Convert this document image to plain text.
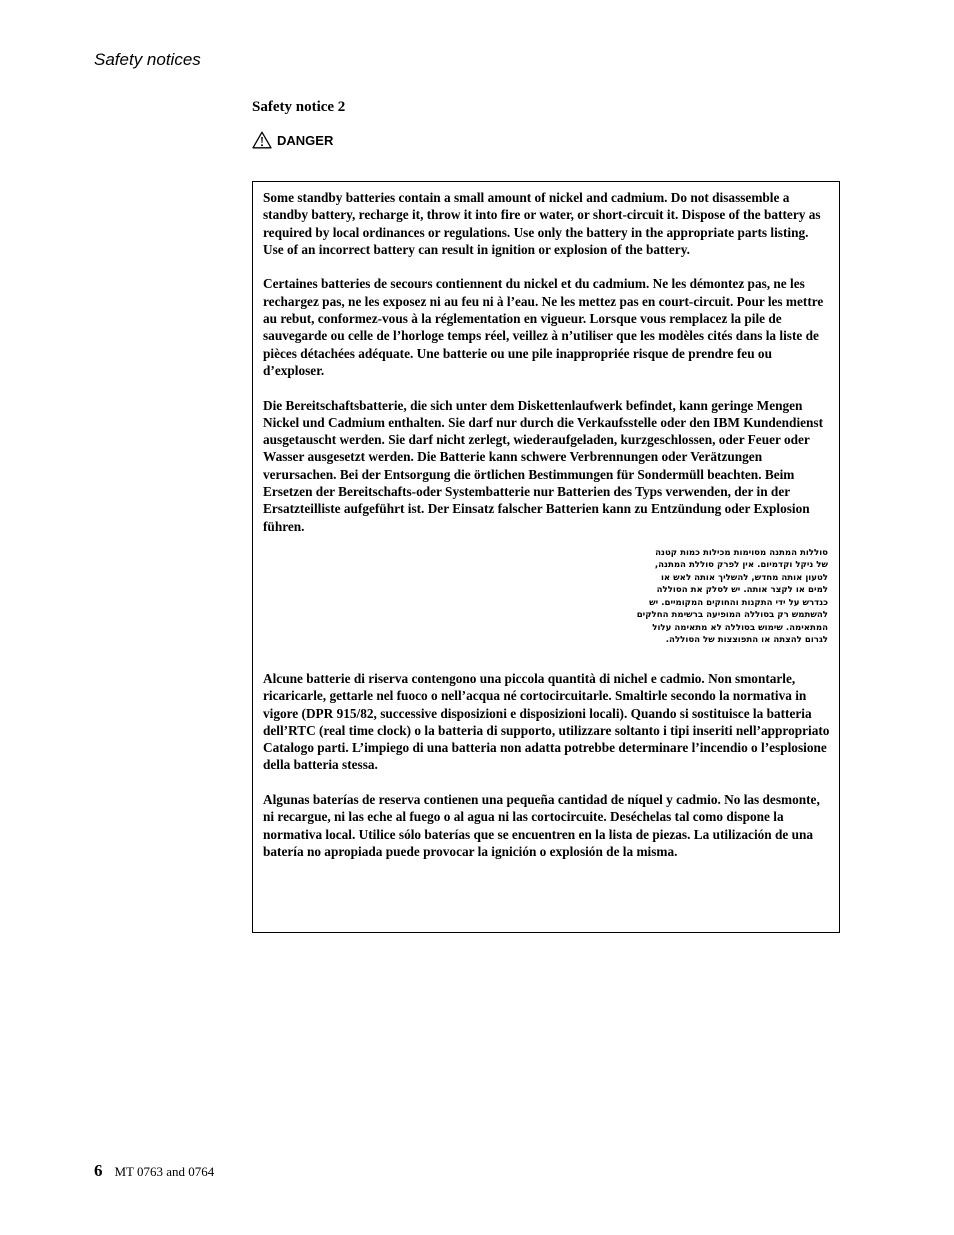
Safety notices
Safety notice 2
DANGER

Some standby batteries contain a small amount of nickel and cadmium. Do not disassemble a standby battery, recharge it, throw it into fire or water, or short-circuit it. Dispose of the battery as required by local ordinances or regulations. Use only the battery in the appropriate parts listing. Use of an incorrect battery can result in ignition or explosion of the battery.

Certaines batteries de secours contiennent du nickel et du cadmium. Ne les démontez pas, ne les rechargez pas, ne les exposez ni au feu ni à l’eau. Ne les mettez pas en court-circuit. Pour les mettre au rebut, conformez-vous à la réglementation en vigueur. Lorsque vous remplacez la pile de sauvegarde ou celle de l’horloge temps réel, veillez à n’utiliser que les modèles cités dans la liste de pièces détachées adéquate. Une batterie ou une pile inappropriée risque de prendre feu ou d’exploser.

Die Bereitschaftsbatterie, die sich unter dem Diskettenlaufwerk befindet, kann geringe Mengen Nickel und Cadmium enthalten. Sie darf nur durch die Verkaufsstelle oder den IBM Kundendienst ausgetauscht werden. Sie darf nicht zerlegt, wiederaufgeladen, kurzgeschlossen, oder Feuer oder Wasser ausgesetzt werden. Die Batterie kann schwere Verbrennungen oder Verätzungen verursachen. Bei der Entsorgung die örtlichen Bestimmungen für Sondermüll beachten. Beim Ersetzen der Bereitschafts-oder Systembatterie nur Batterien des Typs verwenden, der in der Ersatzteilliste aufgeführt ist. Der Einsatz falscher Batterien kann zu Entzündung oder Explosion führen.

סוללות המתנה מסוימות מכילות כמות קטנה
של ניקל וקדמיום. אין לפרק סוללת המתנה,
לטעון אותה מחדש, להשליך אותה לאש או
למים או לקצר אותה. יש לסלק את הסוללה
כנדרש על ידי התקנות והחוקים המקומיים. יש
להשתמש רק בסוללה המופיעה ברשימת החלקים
המתאימה. שימוש בסוללה לא מתאימה עלול
לגרום להצתה או התפוצצות של הסוללה.

Alcune batterie di riserva contengono una piccola quantità di nichel e cadmio. Non smontarle, ricaricarle, gettarle nel fuoco o nell’acqua né cortocircuitarle. Smaltirle secondo la normativa in vigore (DPR 915/82, successive disposizioni e disposizioni locali). Quando si sostituisce la batteria dell’RTC (real time clock) o la batteria di supporto, utilizzare soltanto i tipi inseriti nell’appropriato Catalogo parti. L’impiego di una batteria non adatta potrebbe determinare l’incendio o l’esplosione della batteria stessa.

Algunas baterías de reserva contienen una pequeña cantidad de níquel y cadmio. No las desmonte, ni recargue, ni las eche al fuego o al agua ni las cortocircuite. Deséchelas tal como dispone la normativa local. Utilice sólo baterías que se encuentren en la lista de piezas. La utilización de una batería no apropiada puede provocar la ignición o explosión de la misma.

6 MT 0763 and 0764
